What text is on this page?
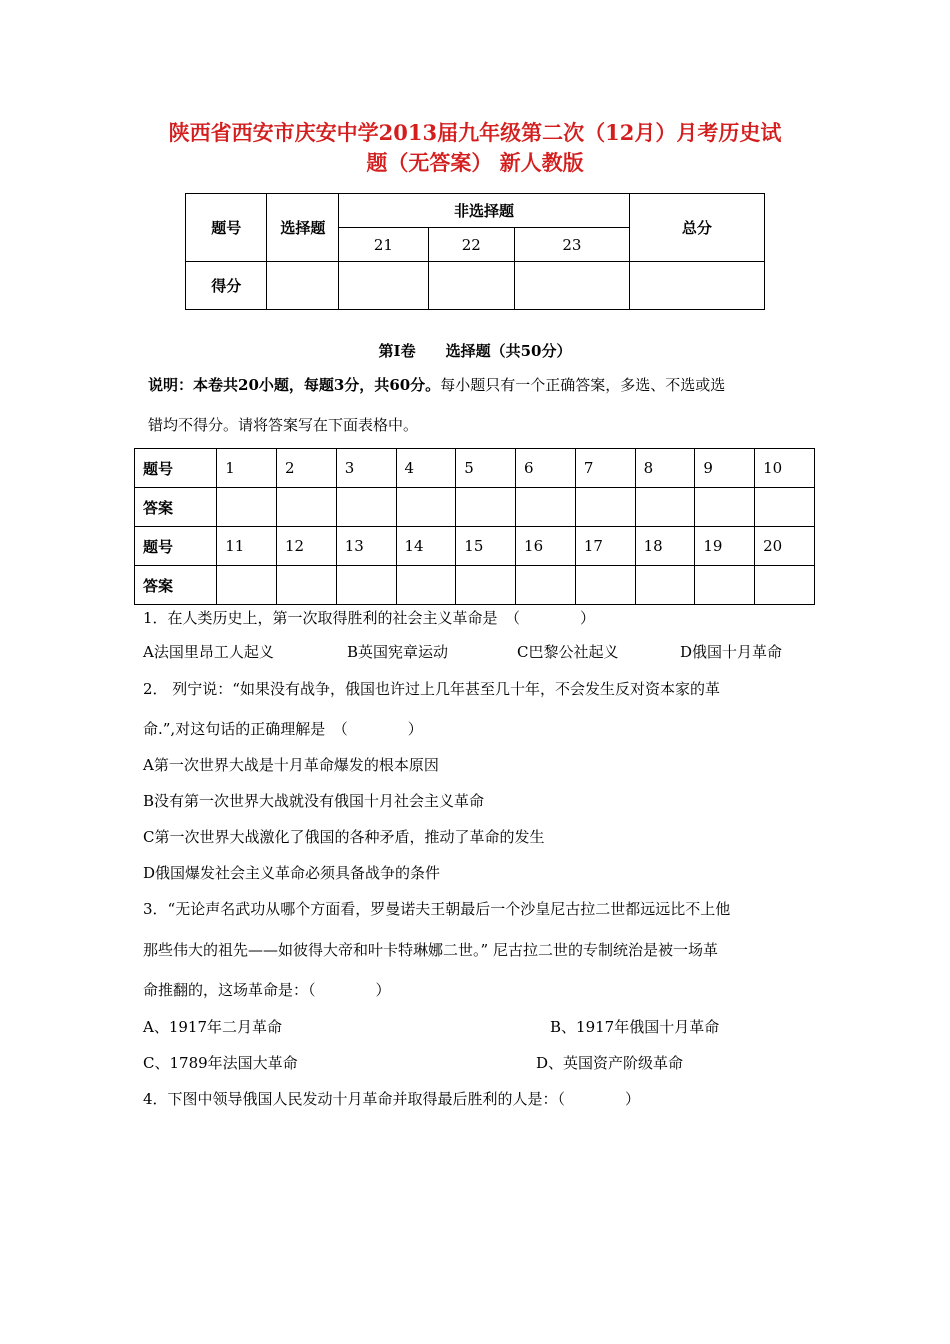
陕西省西安市庆安中学2013届九年级第二次（12月）月考历史试
题（无答案） 新人教版
题号	选择题	非选择题			总分
		21	22	23	
得分					
第Ⅰ卷　　选择题（共50分）
说明：本卷共20小题，每题3分，共60分。每小题只有一个正确答案，多选、不选或选
错均不得分。请将答案写在下面表格中。
题号	1	2	3	4	5	6	7	8	9	10
答案										
题号	11	12	13	14	15	16	17	18	19	20
答案										
1．在人类历史上，第一次取得胜利的社会主义革命是　（　　　　）
A法国里昂工人起义	B英国宪章运动	C巴黎公社起义	D俄国十月革命
2． 列宁说：“如果没有战争，俄国也许过上几年甚至几十年，不会发生反对资本家的革
命.”,对这句话的正确理解是　（　　　　）
A第一次世界大战是十月革命爆发的根本原因
B没有第一次世界大战就没有俄国十月社会主义革命
C第一次世界大战激化了俄国的各种矛盾，推动了革命的发生
D俄国爆发社会主义革命必须具备战争的条件
3．“无论声名武功从哪个方面看，罗曼诺夫王朝最后一个沙皇尼古拉二世都远远比不上他
那些伟大的祖先——如彼得大帝和叶卡特琳娜二世。” 尼古拉二世的专制统治是被一场革
命推翻的，这场革命是：（　　　　）
A、1917年二月革命	B、1917年俄国十月革命
C、1789年法国大革命	D、英国资产阶级革命
4．下图中领导俄国人民发动十月革命并取得最后胜利的人是：（　　　　）
